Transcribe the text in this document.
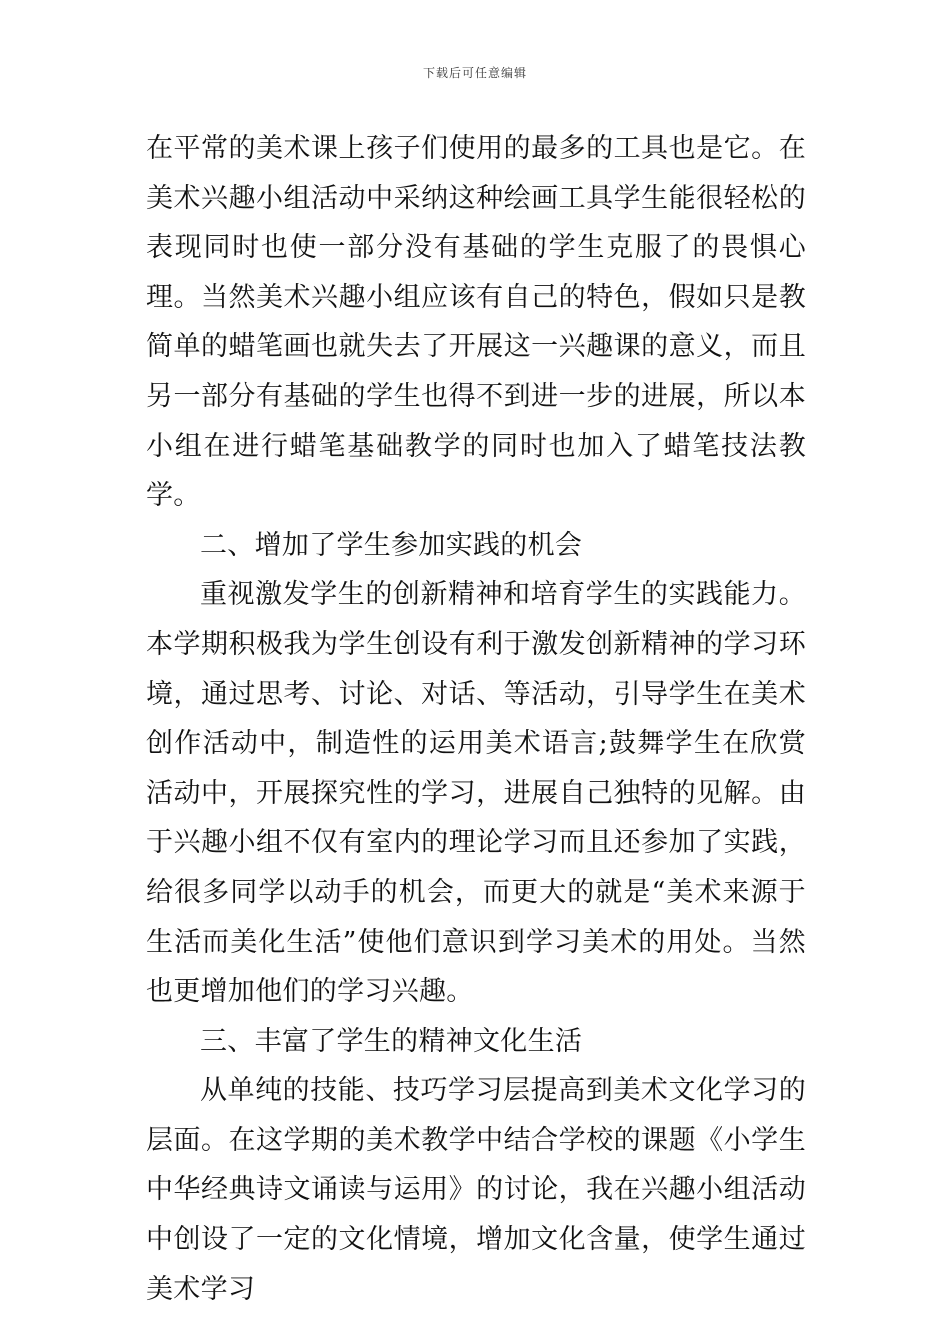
下载后可任意编辑

在平常的美术课上孩子们使用的最多的工具也是它。在美术兴趣小组活动中采纳这种绘画工具学生能很轻松的表现同时也使一部分没有基础的学生克服了的畏惧心理。当然美术兴趣小组应该有自己的特色，假如只是教简单的蜡笔画也就失去了开展这一兴趣课的意义，而且另一部分有基础的学生也得不到进一步的进展，所以本小组在进行蜡笔基础教学的同时也加入了蜡笔技法教学。

二、增加了学生参加实践的机会

重视激发学生的创新精神和培育学生的实践能力。本学期积极我为学生创设有利于激发创新精神的学习环境，通过思考、讨论、对话、等活动，引导学生在美术创作活动中，制造性的运用美术语言;鼓舞学生在欣赏活动中，开展探究性的学习，进展自己独特的见解。由于兴趣小组不仅有室内的理论学习而且还参加了实践，给很多同学以动手的机会，而更大的就是“美术来源于生活而美化生活”使他们意识到学习美术的用处。当然也更增加他们的学习兴趣。

三、丰富了学生的精神文化生活

从单纯的技能、技巧学习层提高到美术文化学习的层面。在这学期的美术教学中结合学校的课题《小学生中华经典诗文诵读与运用》的讨论，我在兴趣小组活动中创设了一定的文化情境，增加文化含量，使学生通过美术学习
